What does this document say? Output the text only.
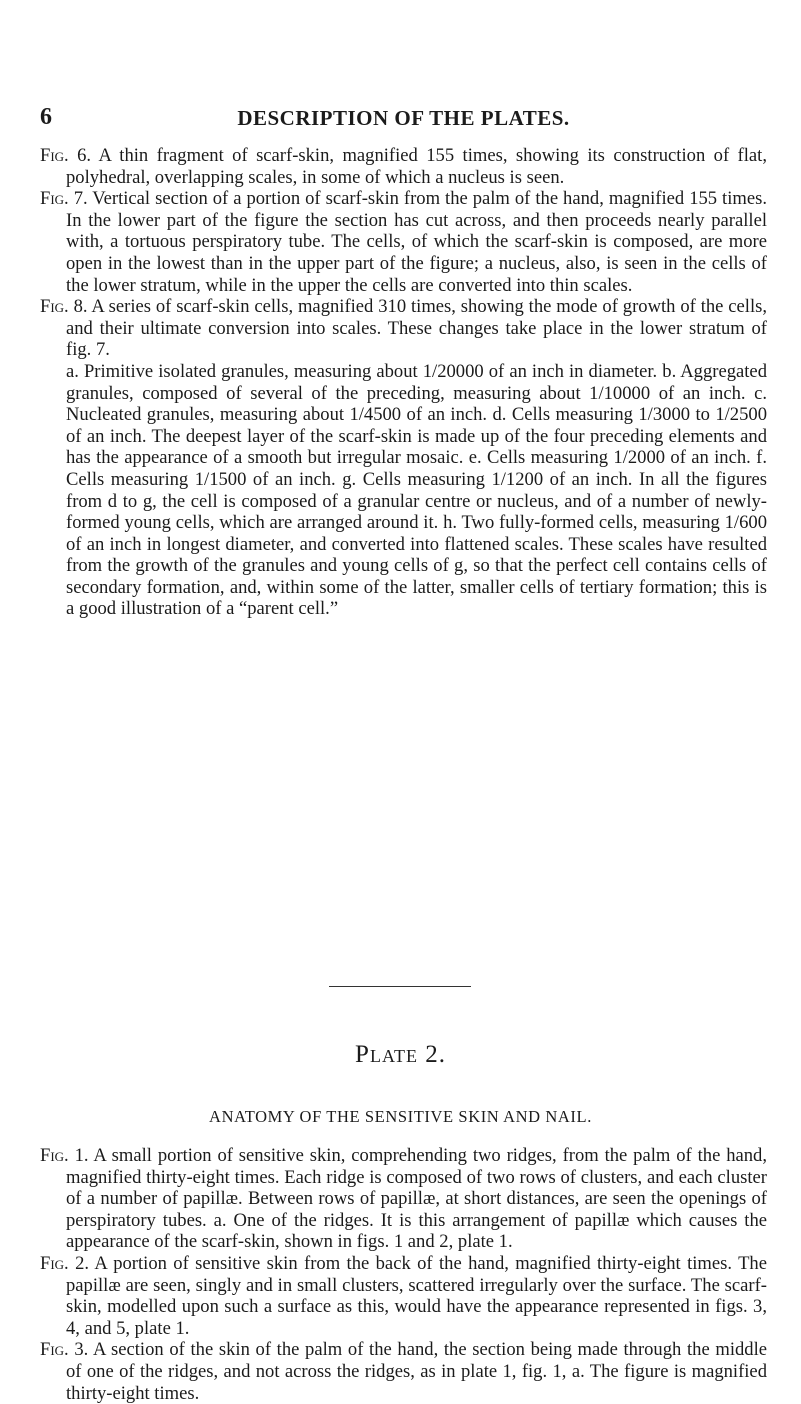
6	DESCRIPTION OF THE PLATES.

Fig. 6. A thin fragment of scarf-skin, magnified 155 times, showing its construction of flat, polyhedral, overlapping scales, in some of which a nucleus is seen.

Fig. 7. Vertical section of a portion of scarf-skin from the palm of the hand, magnified 155 times. In the lower part of the figure the section has cut across, and then proceeds nearly parallel with, a tortuous perspiratory tube. The cells, of which the scarf-skin is composed, are more open in the lowest than in the upper part of the figure; a nucleus, also, is seen in the cells of the lower stratum, while in the upper the cells are converted into thin scales.

Fig. 8. A series of scarf-skin cells, magnified 310 times, showing the mode of growth of the cells, and their ultimate conversion into scales. These changes take place in the lower stratum of fig. 7.

a. Primitive isolated granules, measuring about 1/20000 of an inch in diameter. b. Aggregated granules, composed of several of the preceding, measuring about 1/10000 of an inch. c. Nucleated granules, measuring about 1/4500 of an inch. d. Cells measuring 1/3000 to 1/2500 of an inch. The deepest layer of the scarf-skin is made up of the four preceding elements and has the appearance of a smooth but irregular mosaic. e. Cells measuring 1/2000 of an inch. f. Cells measuring 1/1500 of an inch. g. Cells measuring 1/1200 of an inch. In all the figures from d to g, the cell is composed of a granular centre or nucleus, and of a number of newly-formed young cells, which are arranged around it. h. Two fully-formed cells, measuring 1/600 of an inch in longest diameter, and converted into flattened scales. These scales have resulted from the growth of the granules and young cells of g, so that the perfect cell contains cells of secondary formation, and, within some of the latter, smaller cells of tertiary formation; this is a good illustration of a “parent cell.”

Plate 2.
ANATOMY OF THE SENSITIVE SKIN AND NAIL.

Fig. 1. A small portion of sensitive skin, comprehending two ridges, from the palm of the hand, magnified thirty-eight times. Each ridge is composed of two rows of clusters, and each cluster of a number of papillæ. Between rows of papillæ, at short distances, are seen the openings of perspiratory tubes. a. One of the ridges. It is this arrangement of papillæ which causes the appearance of the scarf-skin, shown in figs. 1 and 2, plate 1.

Fig. 2. A portion of sensitive skin from the back of the hand, magnified thirty-eight times. The papillæ are seen, singly and in small clusters, scattered irregularly over the surface. The scarf-skin, modelled upon such a surface as this, would have the appearance represented in figs. 3, 4, and 5, plate 1.

Fig. 3. A section of the skin of the palm of the hand, the section being made through the middle of one of the ridges, and not across the ridges, as in plate 1, fig. 1, a. The figure is magnified thirty-eight times.
